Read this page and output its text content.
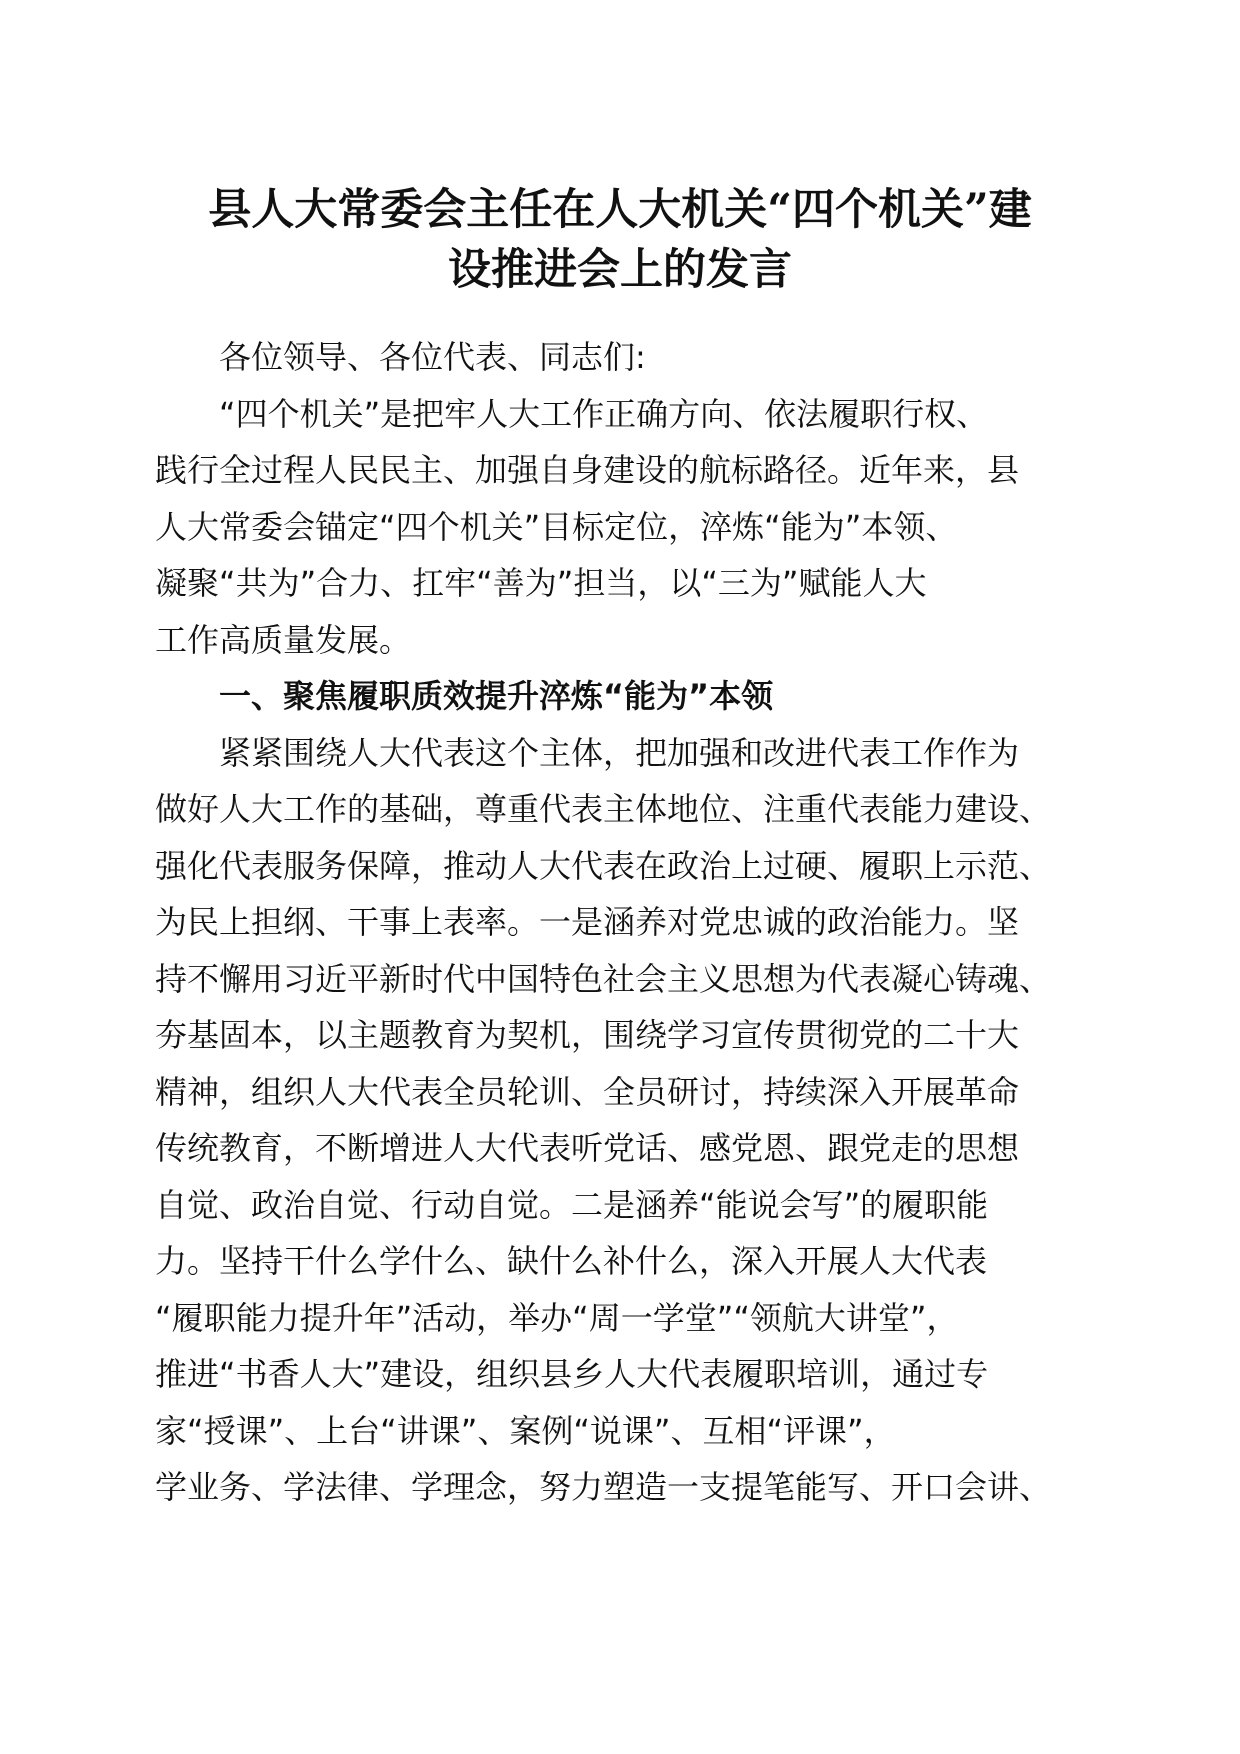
县人大常委会主任在人大机关“四个机关”建
设推进会上的发言
各位领导、各位代表、同志们:
“四个机关”是把牢人大工作正确方向、依法履职行权、
践行全过程人民民主、加强自身建设的航标路径。近年来，县
人大常委会锚定“四个机关”目标定位，淬炼“能为”本领、
凝聚“共为”合力、扛牢“善为”担当，以“三为”赋能人大
工作高质量发展。
一、聚焦履职质效提升淬炼“能为”本领
紧紧围绕人大代表这个主体，把加强和改进代表工作作为
做好人大工作的基础，尊重代表主体地位、注重代表能力建设、
强化代表服务保障，推动人大代表在政治上过硬、履职上示范、
为民上担纲、干事上表率。一是涵养对党忠诚的政治能力。坚
持不懈用习近平新时代中国特色社会主义思想为代表凝心铸魂、
夯基固本，以主题教育为契机，围绕学习宣传贯彻党的二十大
精神，组织人大代表全员轮训、全员研讨，持续深入开展革命
传统教育，不断增进人大代表听党话、感党恩、跟党走的思想
自觉、政治自觉、行动自觉。二是涵养“能说会写”的履职能
力。坚持干什么学什么、缺什么补什么，深入开展人大代表
“履职能力提升年”活动，举办“周一学堂”“领航大讲堂”，
推进“书香人大”建设，组织县乡人大代表履职培训，通过专
家“授课”、上台“讲课”、案例“说课”、互相“评课”，
学业务、学法律、学理念，努力塑造一支提笔能写、开口会讲、
